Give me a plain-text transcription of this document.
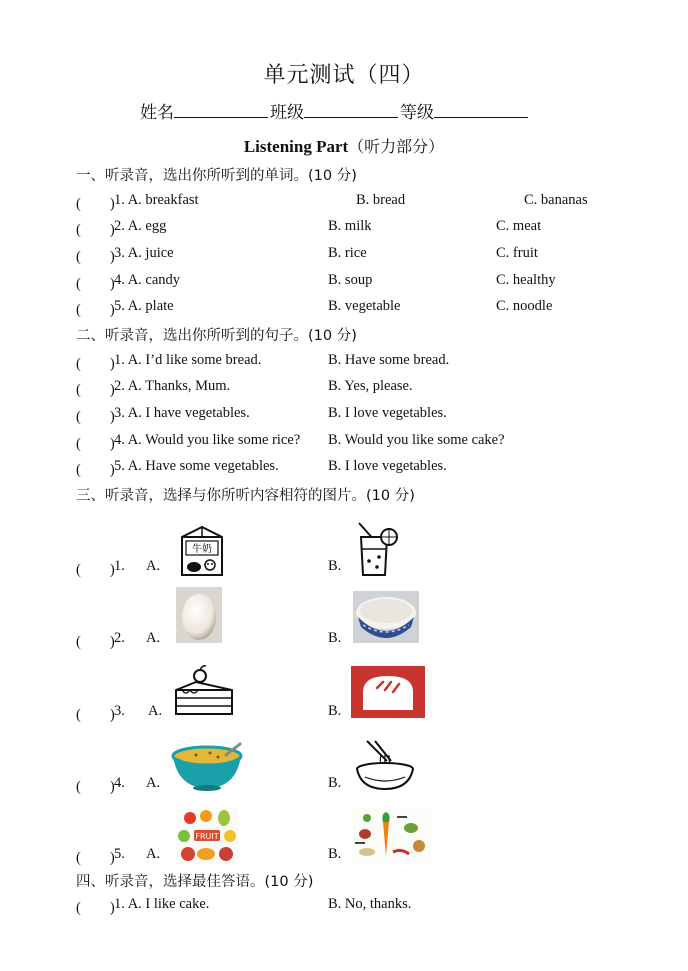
单元测试（四）
姓名	班级	等级
Listening Part（听力部分）
一、听录音，选出你所听到的单词。(10 分)
(　　) 1. A. breakfast	B. bread	C. bananas
(　　) 2. A. egg	B. milk	C. meat
(　　) 3. A. juice	B. rice	C. fruit
(　　) 4. A. candy	B. soup	C. healthy
(　　) 5. A. plate	B. vegetable	C. noodle
二、听录音，选出你所听到的句子。(10 分)
(　　) 1. A. I’d like some bread.	B. Have some bread.
(　　) 2. A. Thanks, Mum.	B. Yes, please.
(　　) 3. A. I have vegetables.	B. I love vegetables.
(　　) 4. A. Would you like some rice? B. Would you like some cake?
(　　) 5. A. Have some vegetables.	B. I love vegetables.
三、听录音，选择与你所听内容相符的图片。(10 分)
(　　) 1. A.	B.
牛奶
(　　) 2. A.	B.
(　　) 3. A.	B.
(　　) 4. A.	B.
(　　) 5. A.	B.
FRUIT
四、听录音，选择最佳答语。(10 分)
(　　) 1. A. I like cake.	B. No, thanks.
